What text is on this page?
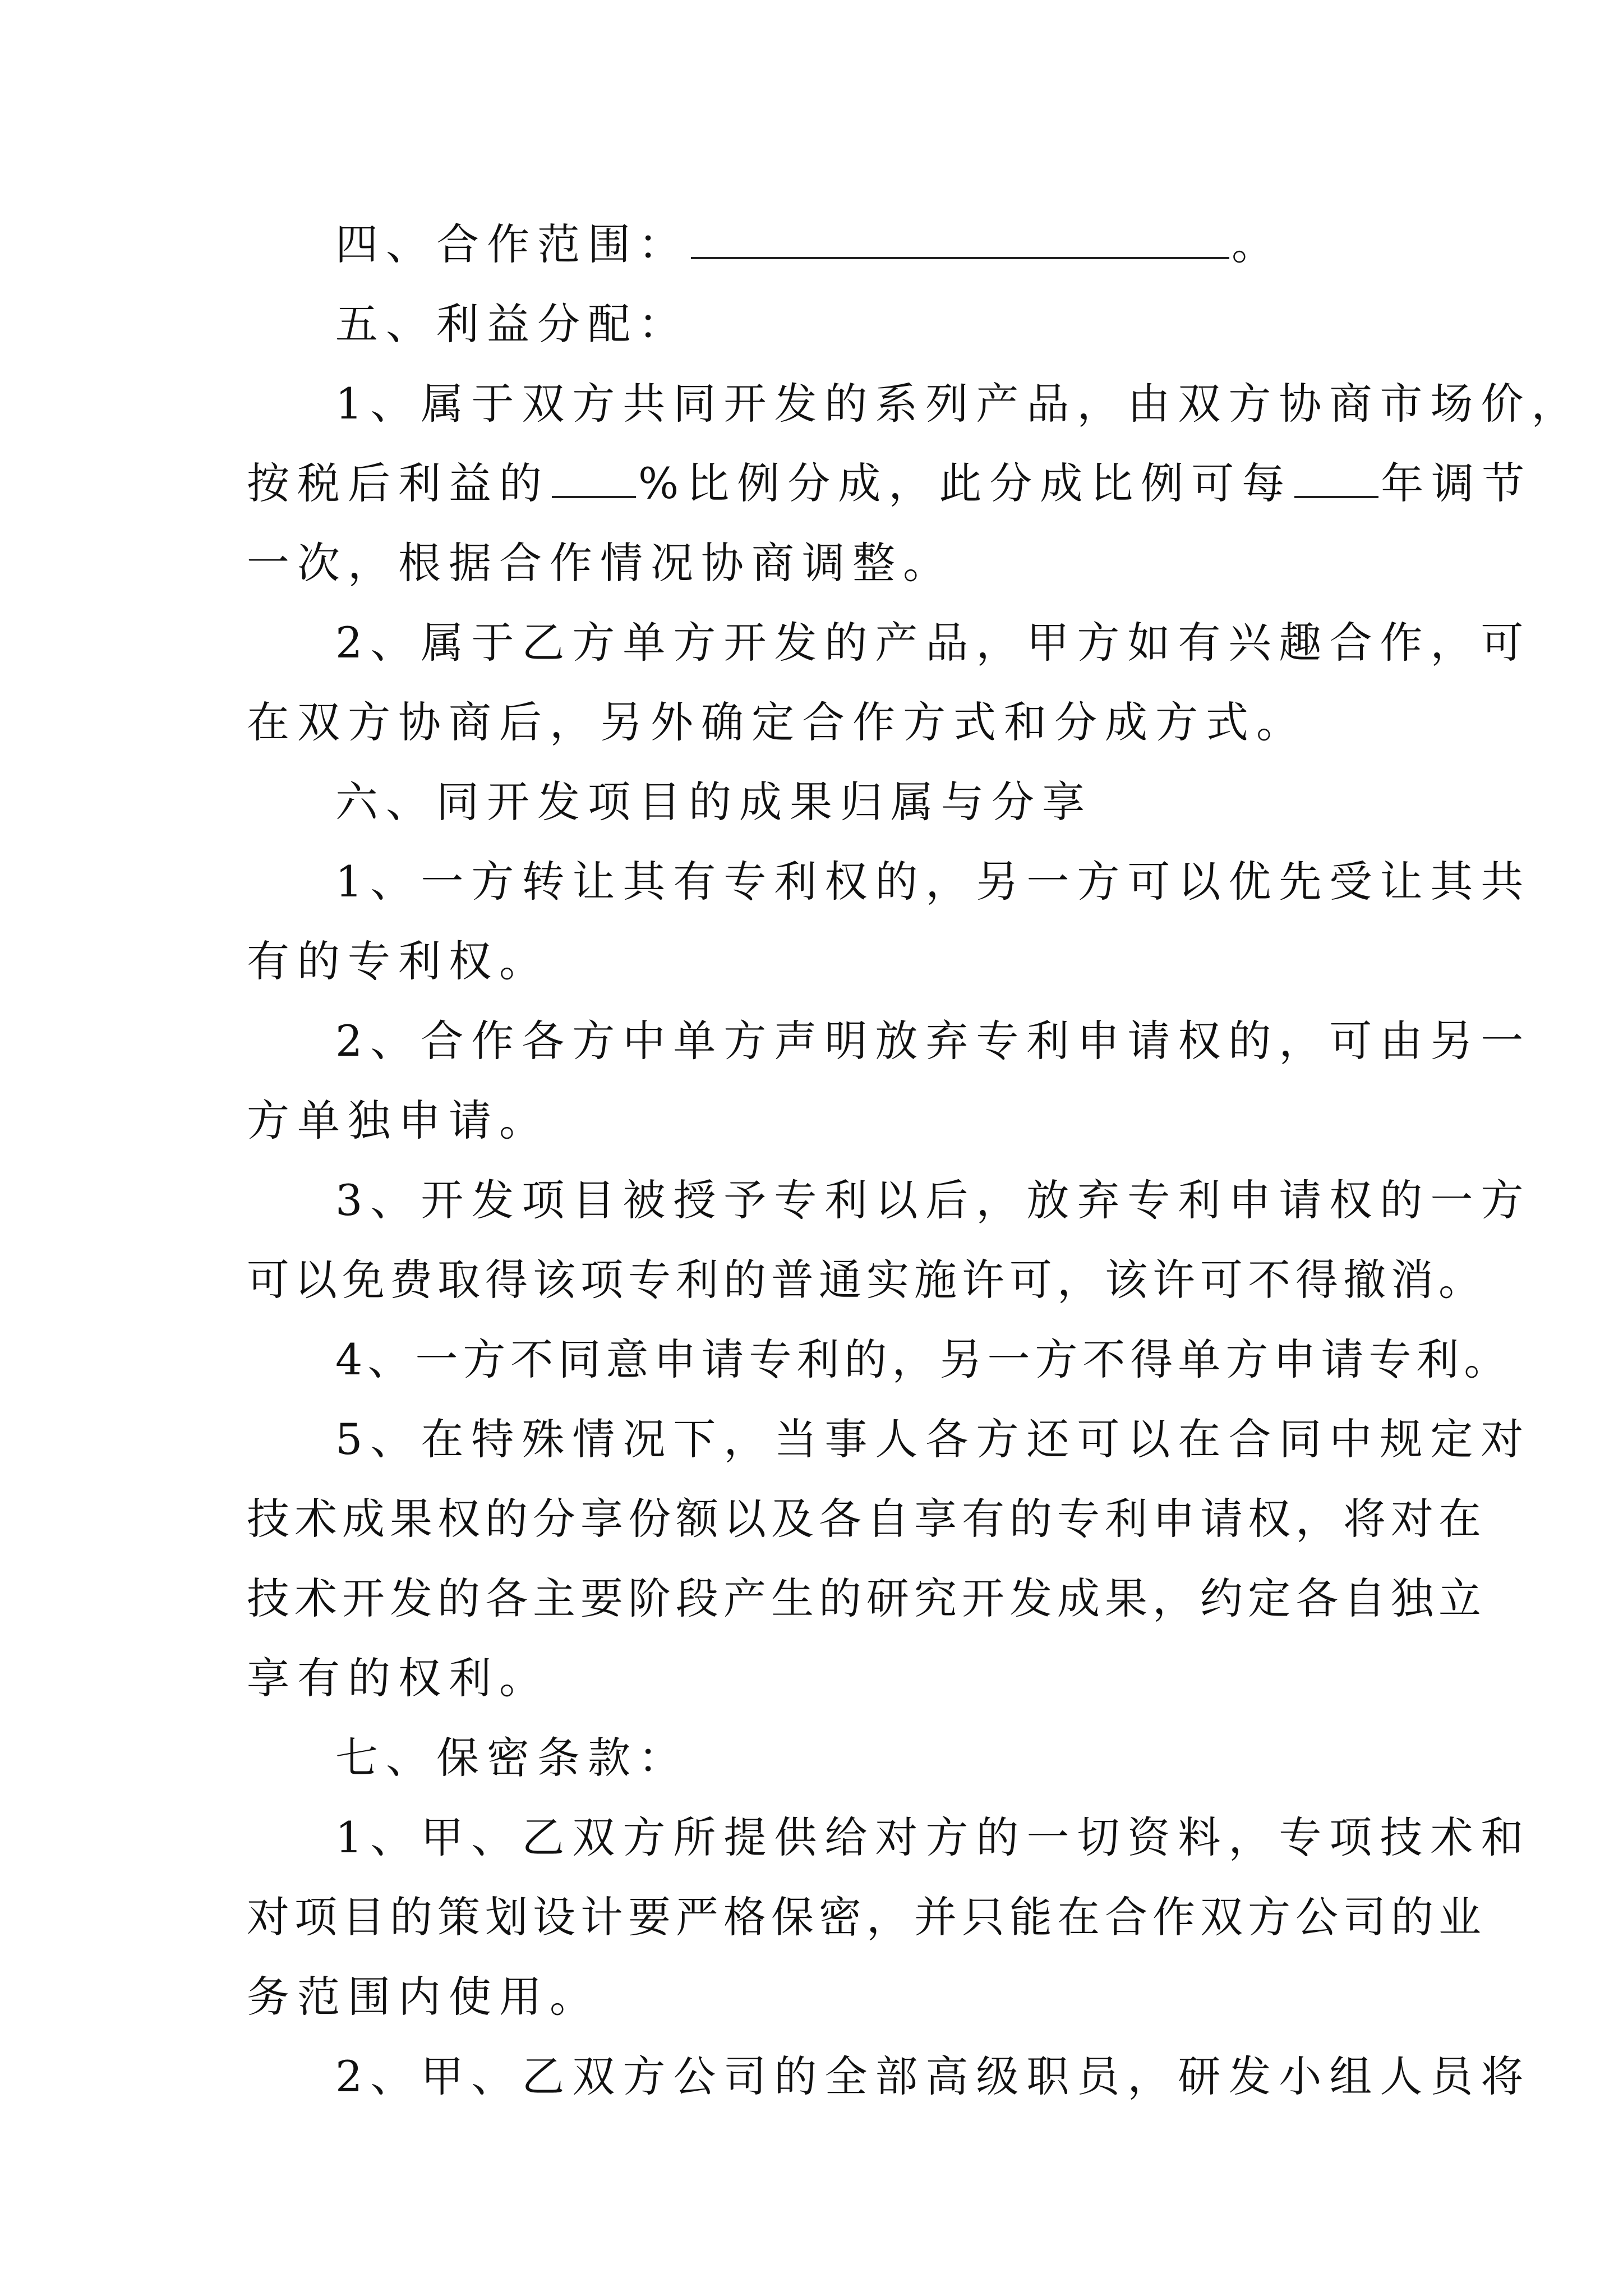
四、合作范围：	。
五、利益分配：
1、属于双方共同开发的系列产品，由双方协商市场价，
按税后利益的 %比例分成，此分成比例可每 年调节
一次，根据合作情况协商调整。
2、属于乙方单方开发的产品，甲方如有兴趣合作，可
在双方协商后，另外确定合作方式和分成方式。
六、同开发项目的成果归属与分享
1、一方转让其有专利权的，另一方可以优先受让其共
有的专利权。
2、合作各方中单方声明放弃专利申请权的，可由另一
方单独申请。
3、开发项目被授予专利以后，放弃专利申请权的一方
可以免费取得该项专利的普通实施许可，该许可不得撤消。
4、一方不同意申请专利的，另一方不得单方申请专利。
5、在特殊情况下，当事人各方还可以在合同中规定对
技术成果权的分享份额以及各自享有的专利申请权，将对在
技术开发的各主要阶段产生的研究开发成果，约定各自独立
享有的权利。
七、保密条款：
1、甲、乙双方所提供给对方的一切资料，专项技术和
对项目的策划设计要严格保密，并只能在合作双方公司的业
务范围内使用。
2、甲、乙双方公司的全部高级职员，研发小组人员将
